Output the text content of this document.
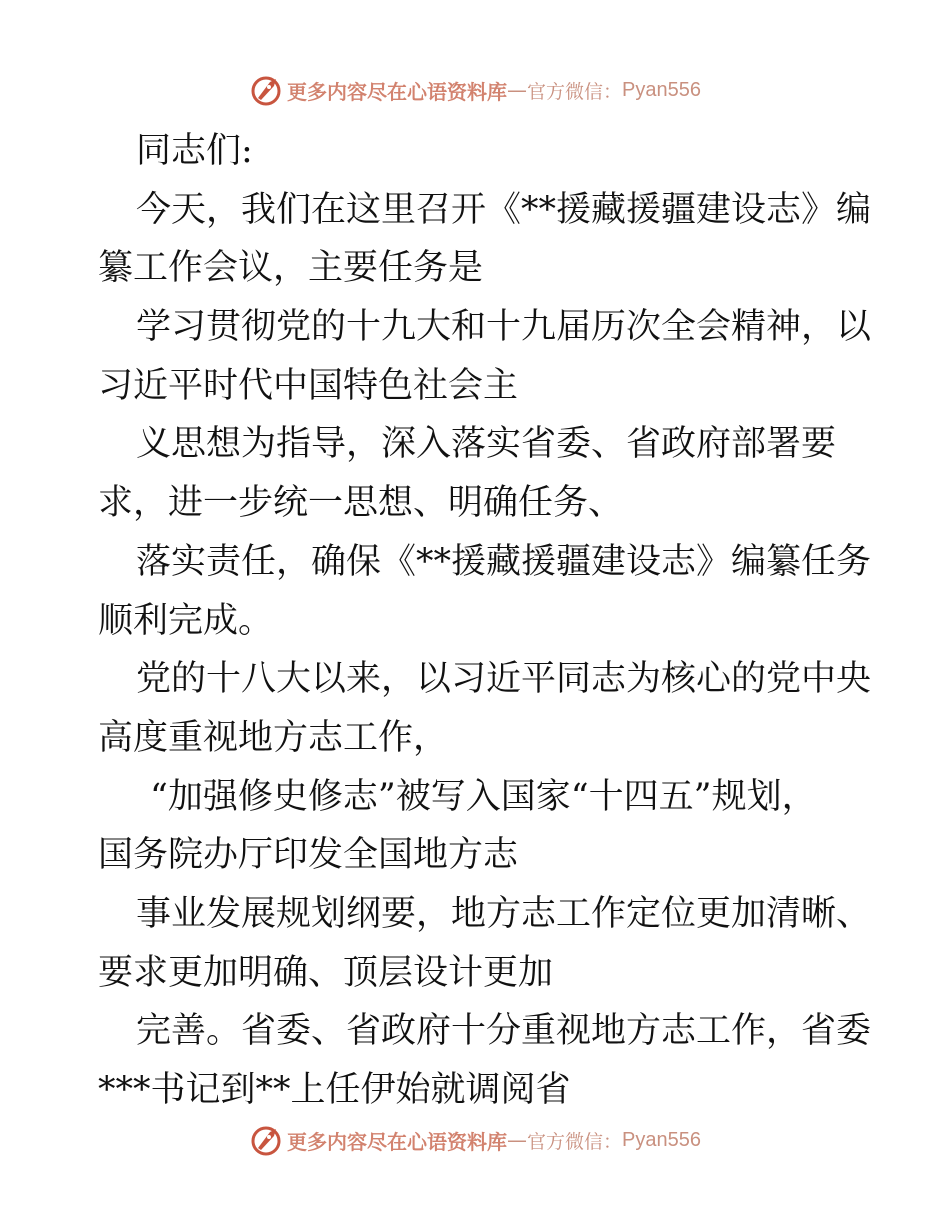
更多内容尽在心语资料库 — 官方微信： Pyan556
同志们:
今天，我们在这里召开《**援藏援疆建设志》编
纂工作会议，主要任务是
学习贯彻党的十九大和十九届历次全会精神，以
习近平时代中国特色社会主
义思想为指导，深入落实省委、省政府部署要
求，进一步统一思想、明确任务、
落实责任，确保《**援藏援疆建设志》编纂任务
顺利完成。
党的十八大以来，以习近平同志为核心的党中央
高度重视地方志工作，
“加强修史修志”被写入国家“十四五”规划，
国务院办厅印发全国地方志
事业发展规划纲要，地方志工作定位更加清晰、
要求更加明确、顶层设计更加
完善。省委、省政府十分重视地方志工作，省委
***书记到**上任伊始就调阅省
更多内容尽在心语资料库 — 官方微信： Pyan556
